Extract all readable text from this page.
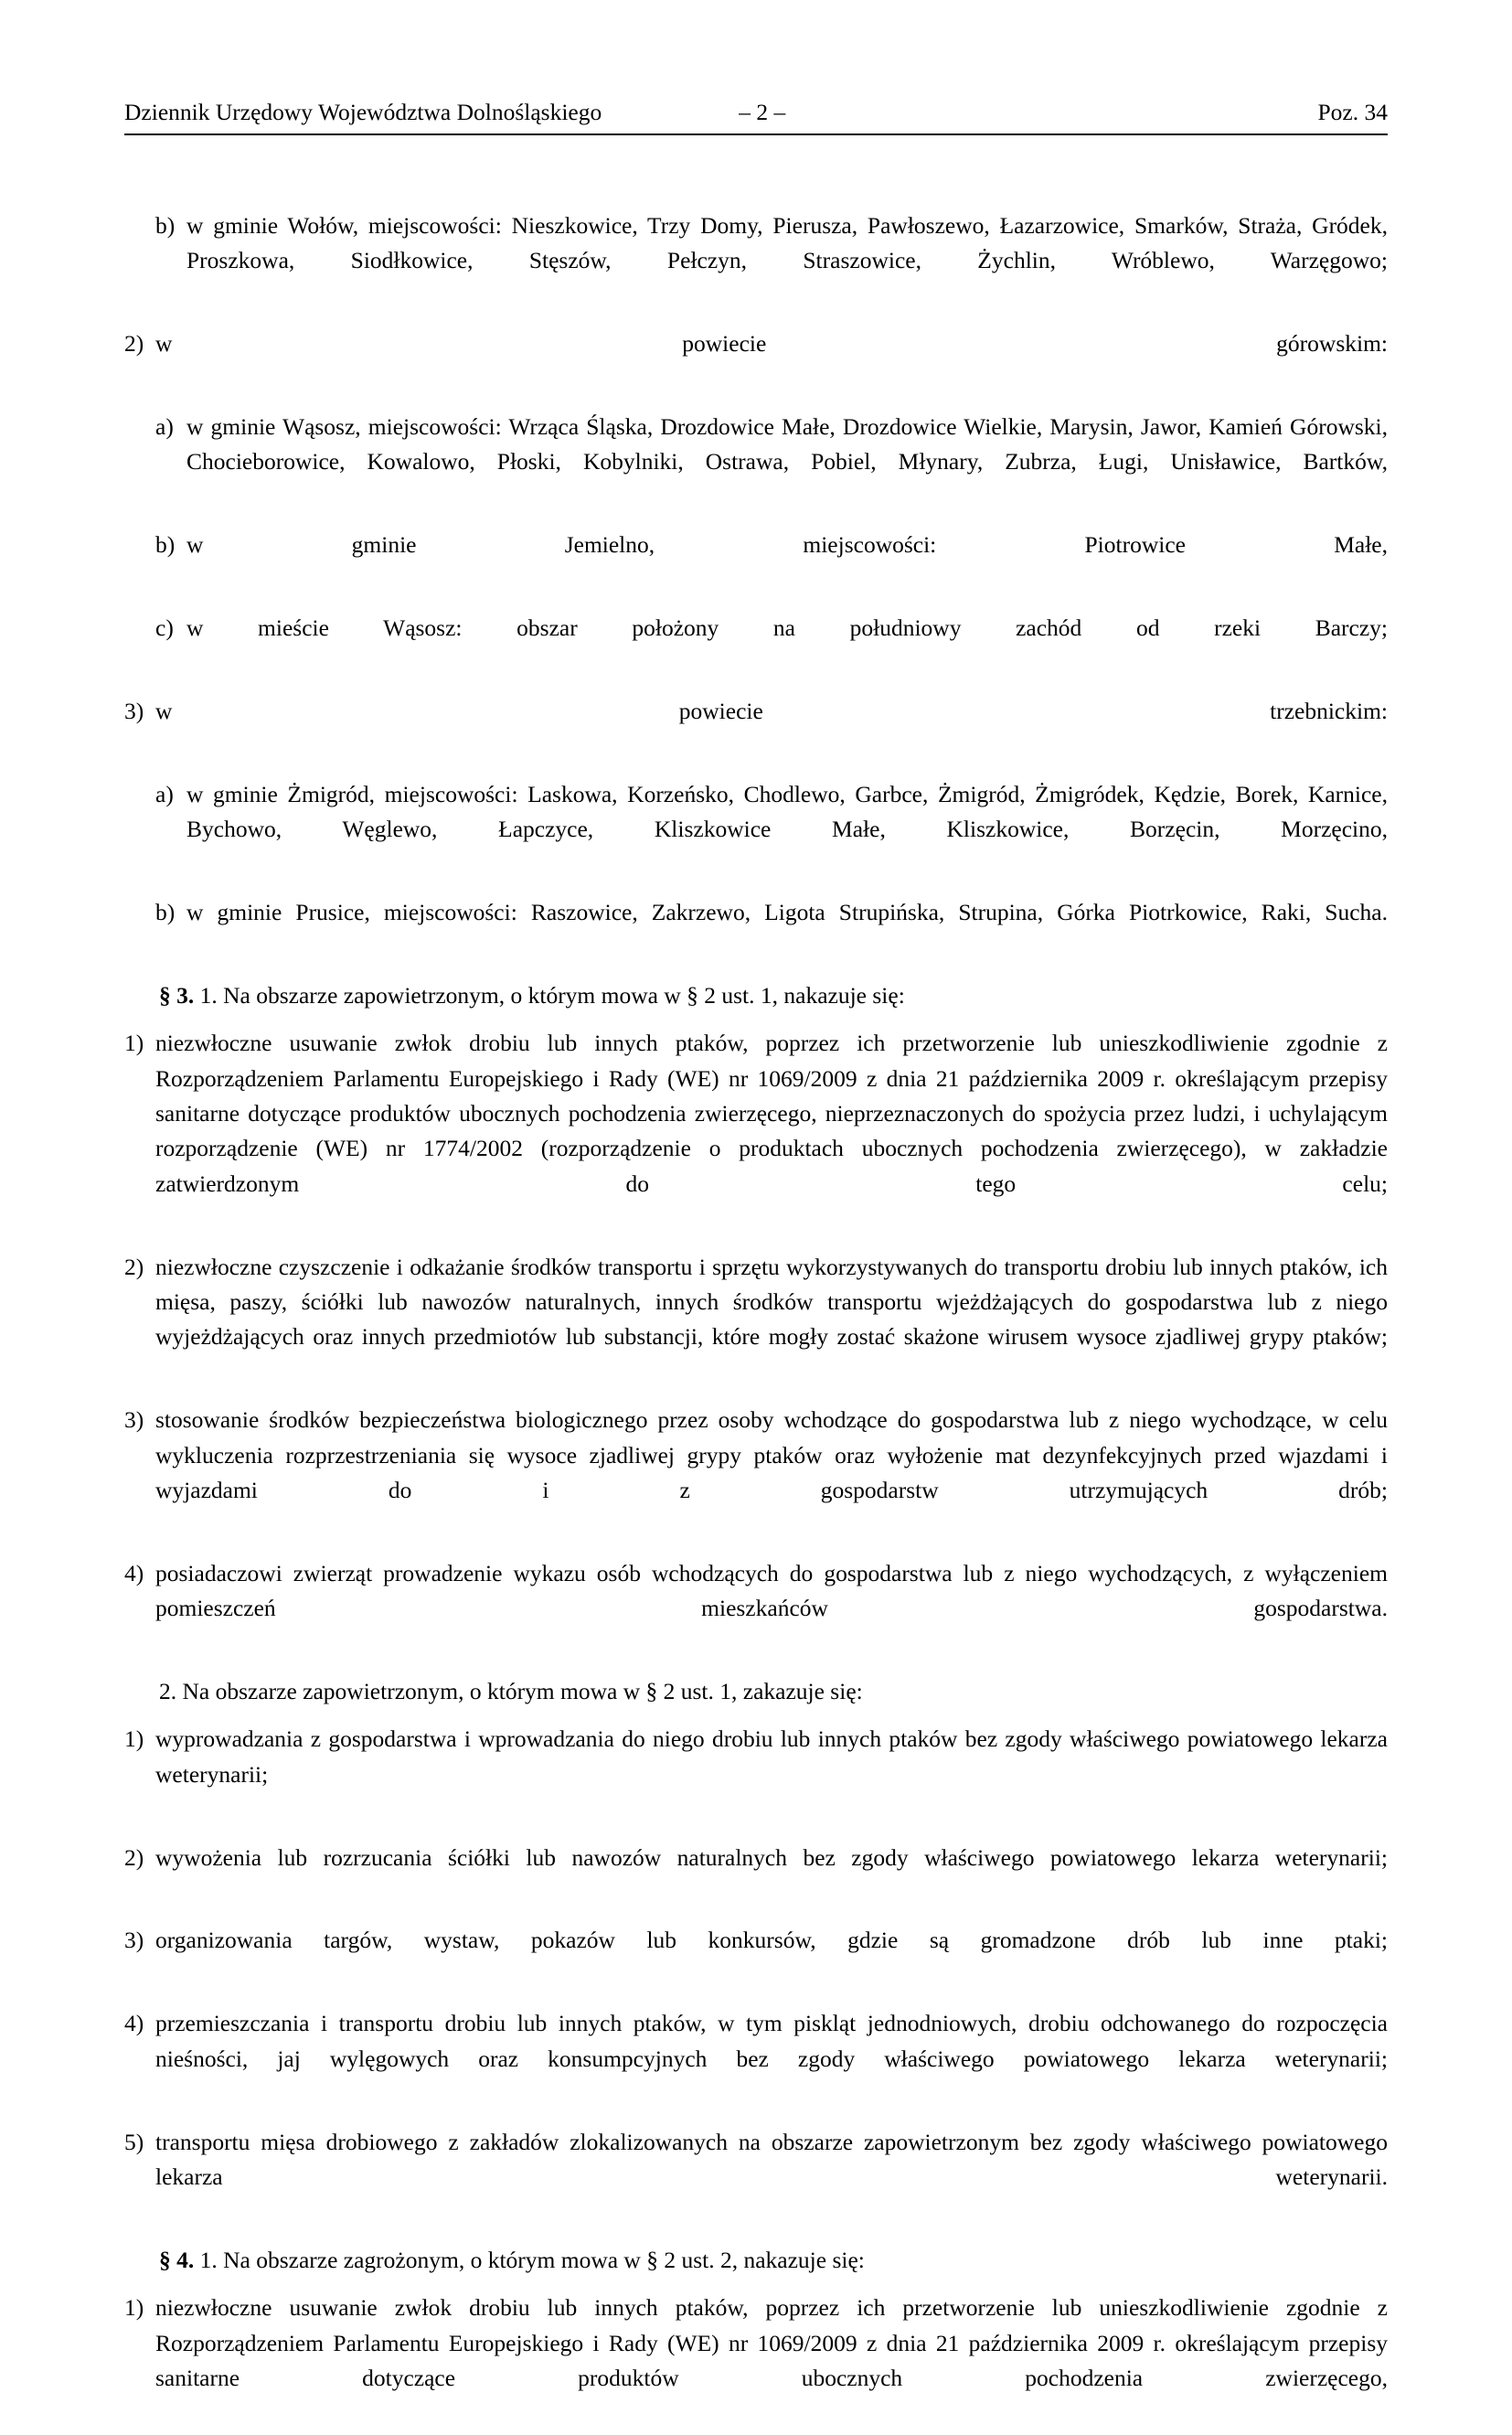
Dziennik Urzędowy Województwa Dolnośląskiego	– 2 –	Poz. 34
b) w gminie Wołów, miejscowości: Nieszkowice, Trzy Domy, Pierusza, Pawłoszewo, Łazarzowice, Smarków, Straża, Gródek, Proszkowa, Siodłkowice, Stęszów, Pełczyn, Straszowice, Żychlin, Wróblewo, Warzęgowo;
2) w powiecie górowskim:
a) w gminie Wąsosz, miejscowości: Wrząca Śląska, Drozdowice Małe, Drozdowice Wielkie, Marysin, Jawor, Kamień Górowski, Chocieborowice, Kowalowo, Płoski, Kobylniki, Ostrawa, Pobiel, Młynary, Zubrza, Ługi, Unisławice, Bartków,
b) w gminie Jemielno, miejscowości: Piotrowice Małe,
c) w mieście Wąsosz: obszar położony na południowy zachód od rzeki Barczy;
3) w powiecie trzebnickim:
a) w gminie Żmigród, miejscowości: Laskowa, Korzeńsko, Chodlewo, Garbce, Żmigród, Żmigródek, Kędzie, Borek, Karnice, Bychowo, Węglewo, Łapczyce, Kliszkowice Małe, Kliszkowice, Borzęcin, Morzęcino,
b) w gminie Prusice, miejscowości: Raszowice, Zakrzewo, Ligota Strupińska, Strupina, Górka Piotrkowice, Raki, Sucha.

§ 3. 1. Na obszarze zapowietrzonym, o którym mowa w § 2 ust. 1, nakazuje się:

1) niezwłoczne usuwanie zwłok drobiu lub innych ptaków, poprzez ich przetworzenie lub unieszkodliwienie zgodnie z Rozporządzeniem Parlamentu Europejskiego i Rady (WE) nr 1069/2009 z dnia 21 października 2009 r. określającym przepisy sanitarne dotyczące produktów ubocznych pochodzenia zwierzęcego, nieprzeznaczonych do spożycia przez ludzi, i uchylającym rozporządzenie (WE) nr 1774/2002 (rozporządzenie o produktach ubocznych pochodzenia zwierzęcego), w zakładzie zatwierdzonym do tego celu;
2) niezwłoczne czyszczenie i odkażanie środków transportu i sprzętu wykorzystywanych do transportu drobiu lub innych ptaków, ich mięsa, paszy, ściółki lub nawozów naturalnych, innych środków transportu wjeżdżających do gospodarstwa lub z niego wyjeżdżających oraz innych przedmiotów lub substancji, które mogły zostać skażone wirusem wysoce zjadliwej grypy ptaków;
3) stosowanie środków bezpieczeństwa biologicznego przez osoby wchodzące do gospodarstwa lub z niego wychodzące, w celu wykluczenia rozprzestrzeniania się wysoce zjadliwej grypy ptaków oraz wyłożenie mat dezynfekcyjnych przed wjazdami i wyjazdami do i z gospodarstw utrzymujących drób;
4) posiadaczowi zwierząt prowadzenie wykazu osób wchodzących do gospodarstwa lub z niego wychodzących, z wyłączeniem pomieszczeń mieszkańców gospodarstwa.

2. Na obszarze zapowietrzonym, o którym mowa w § 2 ust. 1, zakazuje się:

1) wyprowadzania z gospodarstwa i wprowadzania do niego drobiu lub innych ptaków bez zgody właściwego powiatowego lekarza weterynarii;
2) wywożenia lub rozrzucania ściółki lub nawozów naturalnych bez zgody właściwego powiatowego lekarza weterynarii;
3) organizowania targów, wystaw, pokazów lub konkursów, gdzie są gromadzone drób lub inne ptaki;
4) przemieszczania i transportu drobiu lub innych ptaków, w tym piskląt jednodniowych, drobiu odchowanego do rozpoczęcia nieśności, jaj wylęgowych oraz konsumpcyjnych bez zgody właściwego powiatowego lekarza weterynarii;
5) transportu mięsa drobiowego z zakładów zlokalizowanych na obszarze zapowietrzonym bez zgody właściwego powiatowego lekarza weterynarii.

§ 4. 1. Na obszarze zagrożonym, o którym mowa w § 2 ust. 2, nakazuje się:

1) niezwłoczne usuwanie zwłok drobiu lub innych ptaków, poprzez ich przetworzenie lub unieszkodliwienie zgodnie z Rozporządzeniem Parlamentu Europejskiego i Rady (WE) nr 1069/2009 z dnia 21 października 2009 r. określającym przepisy sanitarne dotyczące produktów ubocznych pochodzenia zwierzęcego,
